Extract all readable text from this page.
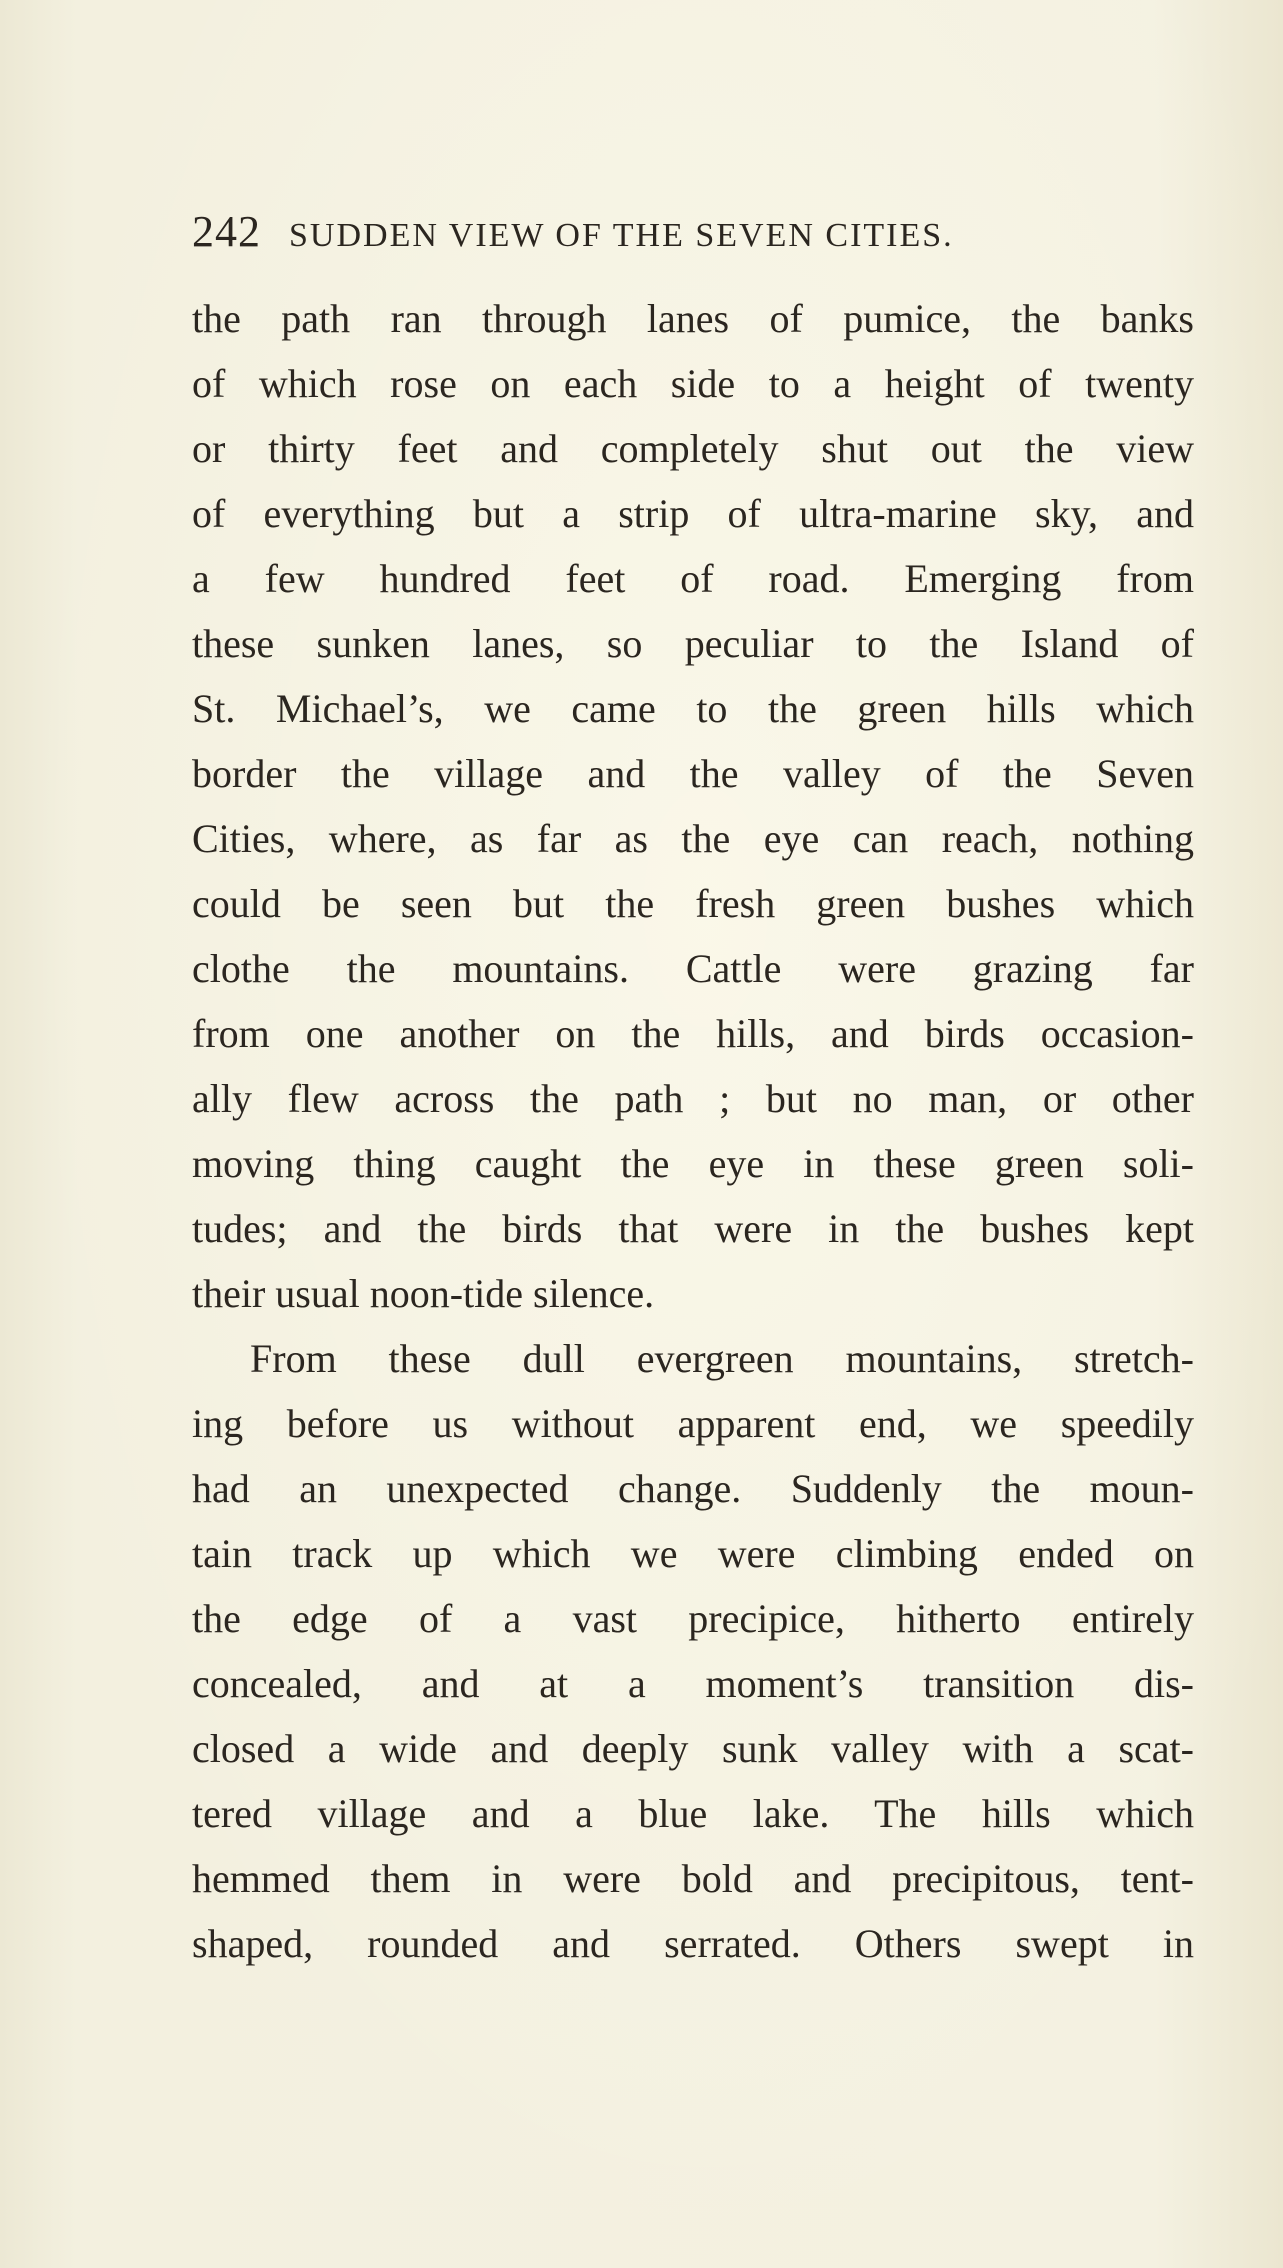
242 SUDDEN VIEW OF THE SEVEN CITIES.
the path ran through lanes of pumice, the banks
of which rose on each side to a height of twenty
or thirty feet and completely shut out the view
of everything but a strip of ultra-marine sky, and
a few hundred feet of road. Emerging from
these sunken lanes, so peculiar to the Island of
St. Michael’s, we came to the green hills which
border the village and the valley of the Seven
Cities, where, as far as the eye can reach, nothing
could be seen but the fresh green bushes which
clothe the mountains. Cattle were grazing far
from one another on the hills, and birds occasion-
ally flew across the path ; but no man, or other
moving thing caught the eye in these green soli-
tudes; and the birds that were in the bushes kept
their usual noon-tide silence.
From these dull evergreen mountains, stretch-
ing before us without apparent end, we speedily
had an unexpected change. Suddenly the moun-
tain track up which we were climbing ended on
the edge of a vast precipice, hitherto entirely
concealed, and at a moment’s transition dis-
closed a wide and deeply sunk valley with a scat-
tered village and a blue lake. The hills which
hemmed them in were bold and precipitous, tent-
shaped, rounded and serrated. Others swept in
